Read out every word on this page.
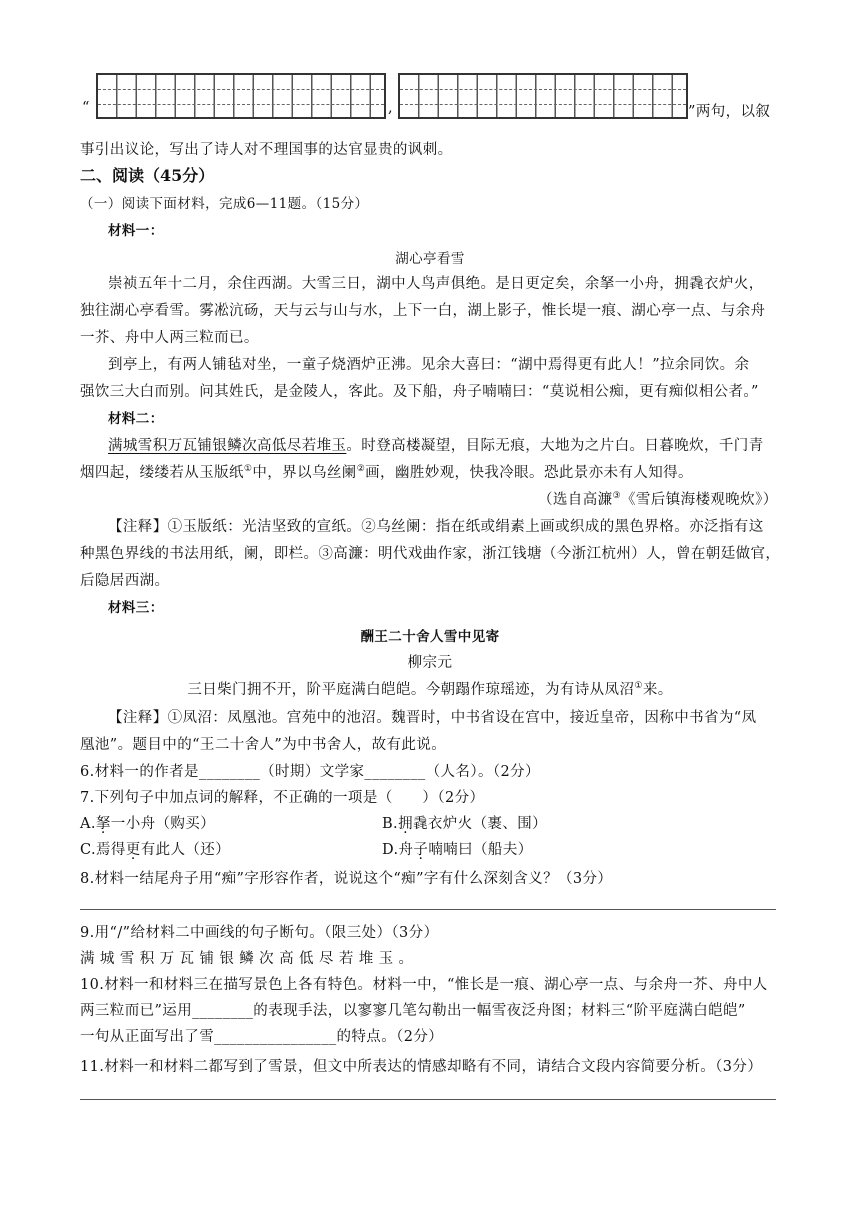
“	,	”两句，以叙
事引出议论，写出了诗人对不理国事的达官显贵的讽刺。
二、阅读（45分）
（一）阅读下面材料，完成6—11题。（15分）
材料一：
湖心亭看雪
崇祯五年十二月，余住西湖。大雪三日，湖中人鸟声俱绝。是日更定矣，余拏一小舟，拥毳衣炉火，
独往湖心亭看雪。雾凇沆砀，天与云与山与水，上下一白，湖上影子，惟长堤一痕、湖心亭一点、与余舟
一芥、舟中人两三粒而已。
到亭上，有两人铺毡对坐，一童子烧酒炉正沸。见余大喜曰：“湖中焉得更有此人！”拉余同饮。余
强饮三大白而别。问其姓氏，是金陵人，客此。及下船，舟子喃喃曰：“莫说相公痴，更有痴似相公者。”
材料二：
满城雪积万瓦铺银鳞次高低尽若堆玉。时登高楼凝望，目际无痕，大地为之片白。日暮晚炊，千门青
烟四起，缕缕若从玉版纸①中，界以乌丝阑②画，幽胜妙观，快我冷眼。恐此景亦未有人知得。
（选自高濂③《雪后镇海楼观晚炊》）
【注释】①玉版纸：光洁坚致的宣纸。②乌丝阑：指在纸或绢素上画或织成的黑色界格。亦泛指有这
种黑色界线的书法用纸，阑，即栏。③高濂：明代戏曲作家，浙江钱塘（今浙江杭州）人，曾在朝廷做官，
后隐居西湖。
材料三：
酬王二十舍人雪中见寄
柳宗元
三日柴门拥不开，阶平庭满白皑皑。今朝蹋作琼瑶迹，为有诗从凤沼①来。
【注释】①凤沼：凤凰池。宫苑中的池沼。魏晋时，中书省设在宫中，接近皇帝，因称中书省为“凤
凰池”。题目中的“王二十舍人”为中书舍人，故有此说。
6.材料一的作者是________（时期）文学家________（人名）。（2分）
7.下列句子中加点词的解释，不正确的一项是（　　）（2分）
A.拏一小舟（购买）	B.拥毳衣炉火（裹、围）
C.焉得更有此人（还）	D.舟子喃喃曰（船夫）
8.材料一结尾舟子用“痴”字形容作者，说说这个“痴”字有什么深刻含义？（3分）
9.用“/”给材料二中画线的句子断句。（限三处）（3分）
满 城 雪 积 万 瓦 铺 银 鳞 次 高 低 尽 若 堆 玉 。
10.材料一和材料三在描写景色上各有特色。材料一中，“惟长是一痕、湖心亭一点、与余舟一芥、舟中人
两三粒而已”运用________的表现手法，以寥寥几笔勾勒出一幅雪夜泛舟图；材料三“阶平庭满白皑皑”
一句从正面写出了雪________________的特点。（2分）
11.材料一和材料二都写到了雪景，但文中所表达的情感却略有不同，请结合文段内容简要分析。（3分）
